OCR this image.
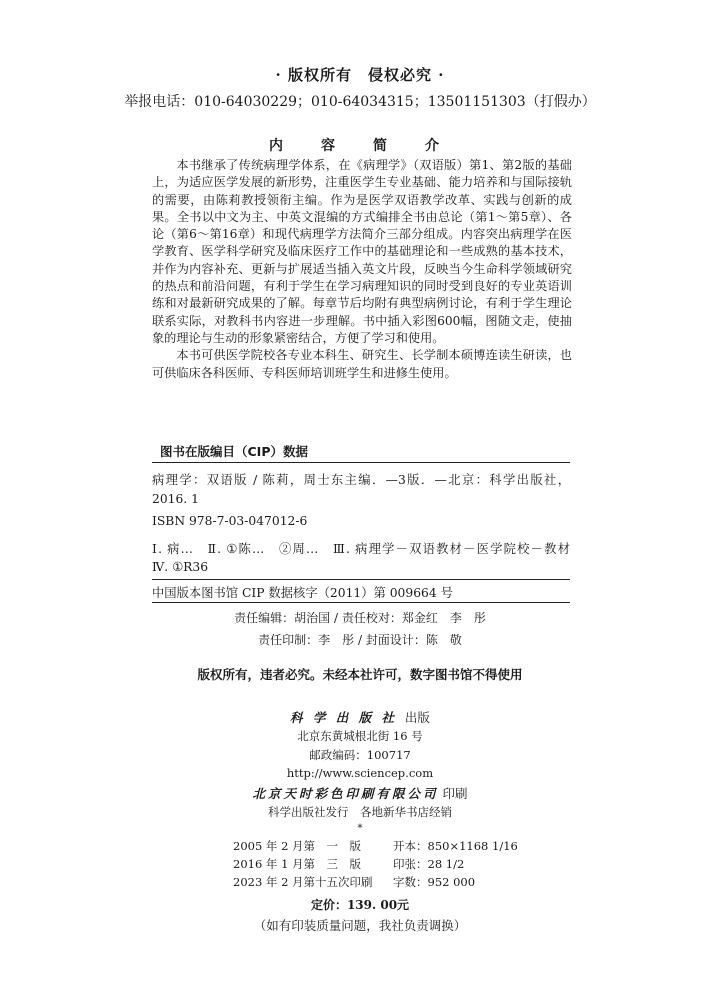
· 版权所有　侵权必究 ·
举报电话：010-64030229；010-64034315；13501151303（打假办）
内　容　简　介

本书继承了传统病理学体系，在《病理学》（双语版）第1、第2版的基础上，为适应医学发展的新形势，注重医学生专业基础、能力培养和与国际接轨的需要，由陈莉教授领衔主编。作为是医学双语教学改革、实践与创新的成果。全书以中文为主、中英文混编的方式编排全书由总论（第1～第5章）、各论（第6～第16章）和现代病理学方法简介三部分组成。内容突出病理学在医学教育、医学科学研究及临床医疗工作中的基础理论和一些成熟的基本技术，并作为内容补充、更新与扩展适当插入英文片段，反映当今生命科学领域研究的热点和前沿问题，有利于学生在学习病理知识的同时受到良好的专业英语训练和对最新研究成果的了解。每章节后均附有典型病例讨论，有利于学生理论联系实际，对教科书内容进一步理解。书中插入彩图600幅，图随文走，使抽象的理论与生动的形象紧密结合，方便了学习和使用。

本书可供医学院校各专业本科生、研究生、长学制本硕博连读生研读，也可供临床各科医师、专科医师培训班学生和进修生使用。

图书在版编目（CIP）数据
病理学：双语版 / 陈莉，周士东主编．—3版．—北京：科学出版社，
2016. 1
ISBN 978-7-03-047012-6
Ⅰ. 病…　Ⅱ. ①陈…　②周…　Ⅲ. 病理学－双语教材－医学院校－教材
Ⅳ. ①R36
中国版本图书馆 CIP 数据核字（2011）第 009664 号
责任编辑：胡治国 / 责任校对：郑金红　李　彤
责任印制：李　彤 / 封面设计：陈　敬
版权所有，违者必究。未经本社许可，数字图书馆不得使用
科 学 出 版 社 出版
北京东黄城根北街 16 号
邮政编码：100717
http://www.sciencep.com
北京天时彩色印刷有限公司 印刷
科学出版社发行　各地新华书店经销
*
2005 年 2 月第　一　版	开本：850×1168 1/16
2016 年 1 月第　三　版	印张：28 1/2
2023 年 2 月第十五次印刷	字数：952 000
定价：139. 00元
（如有印装质量问题，我社负责调换）
